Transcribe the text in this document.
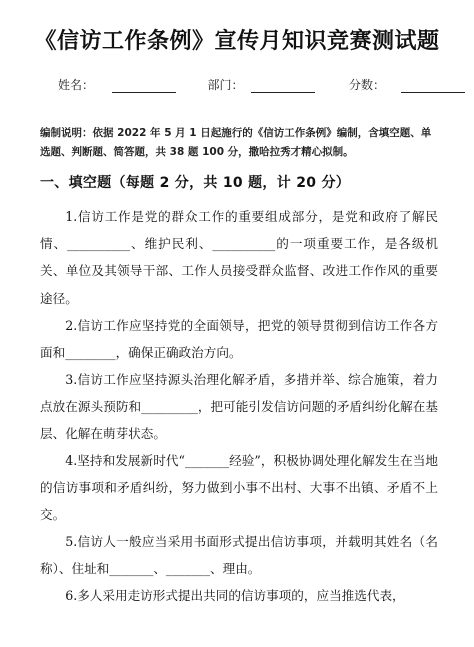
《信访工作条例》宣传月知识竞赛测试题
姓名：	部门：	分数：
编制说明：依据 2022 年 5 月 1 日起施行的《信访工作条例》编制，含填空题、单选题、判断题、简答题，共 38 题 100 分，撒哈拉秀才精心拟制。
一、填空题（每题 2 分，共 10 题，计 20 分）
1.信访工作是党的群众工作的重要组成部分，是党和政府了解民情、__________、维护民利、__________的一项重要工作，是各级机关、单位及其领导干部、工作人员接受群众监督、改进工作作风的重要途径。
2.信访工作应坚持党的全面领导，把党的领导贯彻到信访工作各方面和________，确保正确政治方向。
3.信访工作应坚持源头治理化解矛盾，多措并举、综合施策，着力点放在源头预防和_________，把可能引发信访问题的矛盾纠纷化解在基层、化解在萌芽状态。
4.坚持和发展新时代“_______经验”，积极协调处理化解发生在当地的信访事项和矛盾纠纷，努力做到小事不出村、大事不出镇、矛盾不上交。
5.信访人一般应当采用书面形式提出信访事项，并载明其姓名（名称）、住址和_______、_______、理由。
6.多人采用走访形式提出共同的信访事项的，应当推选代表，
